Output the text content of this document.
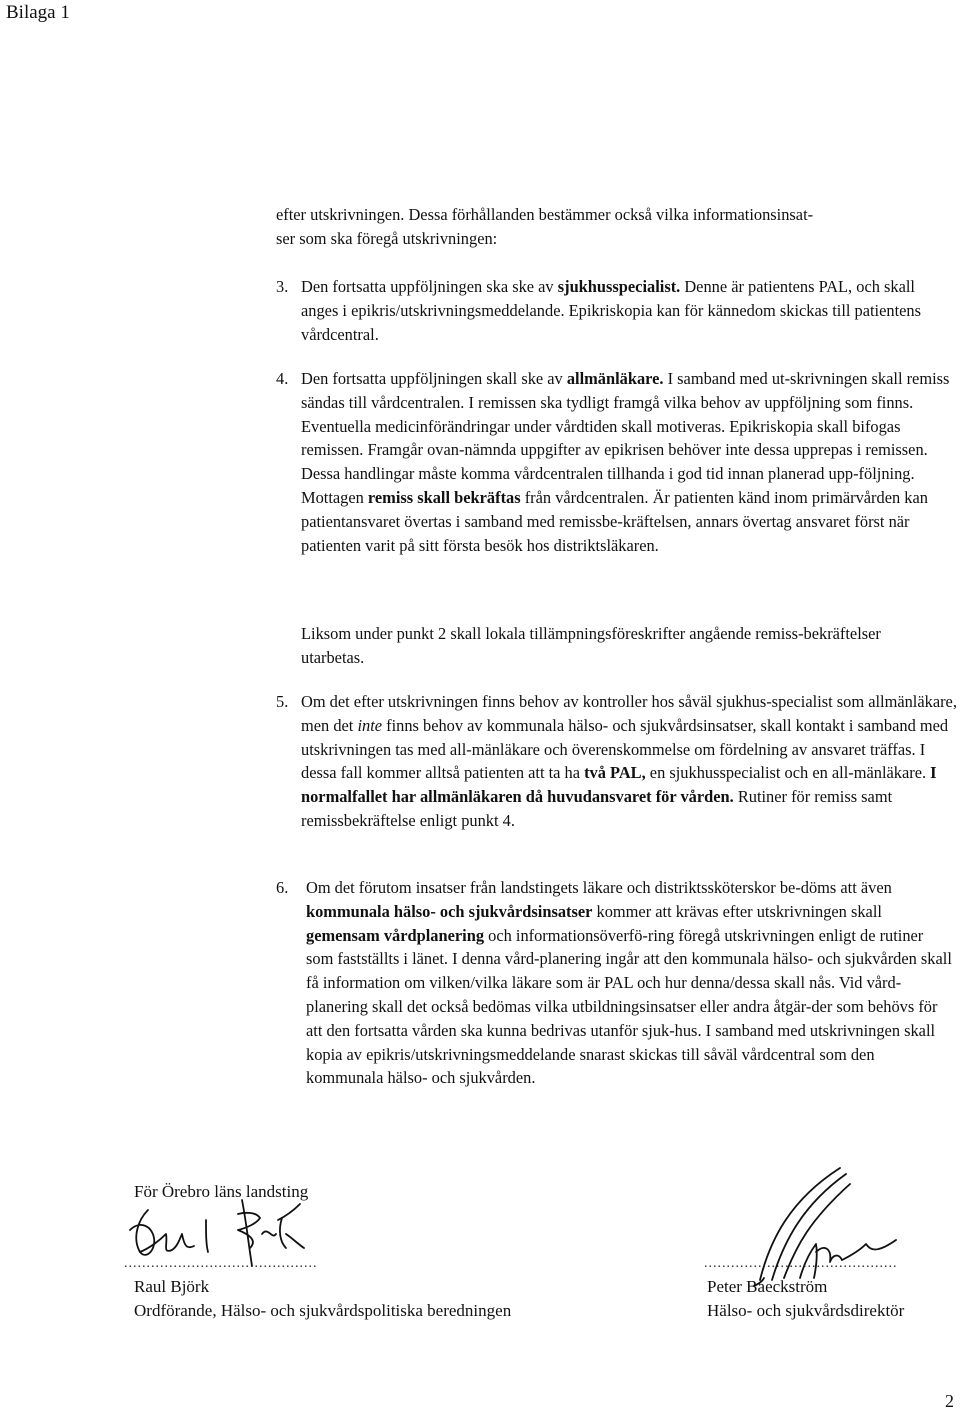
Bilaga 1
efter utskrivningen. Dessa förhållanden bestämmer också vilka informationsinsat-
ser som ska föregå utskrivningen:
3. Den fortsatta uppföljningen ska ske av sjukhusspecialist. Denne är patientens PAL, och skall anges i epikris/utskrivningsmeddelande. Epikriskopia kan för kännedom skickas till patientens vårdcentral.
4. Den fortsatta uppföljningen skall ske av allmänläkare. I samband med ut-skrivningen skall remiss sändas till vårdcentralen. I remissen ska tydligt framgå vilka behov av uppföljning som finns. Eventuella medicinförändringar under vårdtiden skall motiveras. Epikriskopia skall bifogas remissen. Framgår ovan-nämnda uppgifter av epikrisen behöver inte dessa upprepas i remissen. Dessa handlingar måste komma vårdcentralen tillhanda i god tid innan planerad upp-följning. Mottagen remiss skall bekräftas från vårdcentralen. Är patienten känd inom primärvården kan patientansvaret övertas i samband med remissbe-kräftelsen, annars övertag ansvaret först när patienten varit på sitt första besök hos distriktsläkaren.
Liksom under punkt 2 skall lokala tillämpningsföreskrifter angående remiss-bekräftelser utarbetas.
5. Om det efter utskrivningen finns behov av kontroller hos såväl sjukhus-specialist som allmänläkare, men det inte finns behov av kommunala hälso- och sjukvårdsinsatser, skall kontakt i samband med utskrivningen tas med all-mänläkare och överenskommelse om fördelning av ansvaret träffas. I dessa fall kommer alltså patienten att ta ha två PAL, en sjukhusspecialist och en all-mänläkare. I normalfallet har allmänläkaren då huvudansvaret för vården. Rutiner för remiss samt remissbekräftelse enligt punkt 4.
6. Om det förutom insatser från landstingets läkare och distriktssköterskor be-döms att även kommunala hälso- och sjukvårdsinsatser kommer att krävas efter utskrivningen skall gemensam vårdplanering och informationsöverfö-ring föregå utskrivningen enligt de rutiner som fastställts i länet. I denna vård-planering ingår att den kommunala hälso- och sjukvården skall få information om vilken/vilka läkare som är PAL och hur denna/dessa skall nås. Vid vård-planering skall det också bedömas vilka utbildningsinsatser eller andra åtgär-der som behövs för att den fortsatta vården ska kunna bedrivas utanför sjuk-hus. I samband med utskrivningen skall kopia av epikris/utskrivningsmeddelande snarast skickas till såväl vårdcentral som den kommunala hälso- och sjukvården.
För Örebro läns landsting
...........................................
Raul Björk
Ordförande, Hälso- och sjukvårdspolitiska beredningen
...........................................
Peter Baeckström
Hälso- och sjukvårdsdirektör
2
